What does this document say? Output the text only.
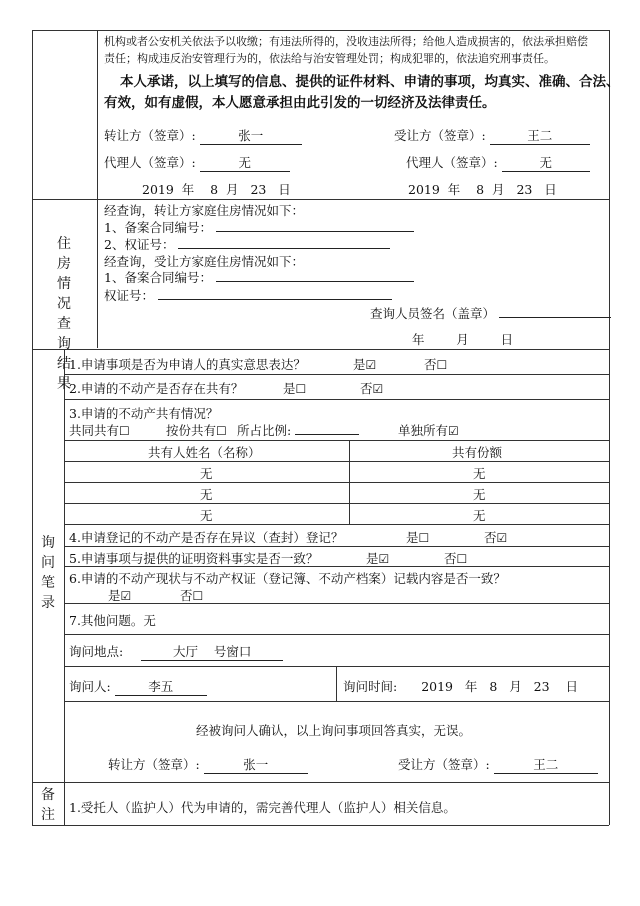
机构或者公安机关依法予以收缴；有违法所得的，没收违法所得；给他人造成损害的，依法承担赔偿
责任；构成违反治安管理行为的，依法给与治安管理处罚；构成犯罪的，依法追究刑事责任。
本人承诺，以上填写的信息、提供的证件材料、申请的事项，均真实、准确、合法、
有效，如有虚假，本人愿意承担由此引发的一切经济及法律责任。
转让方（签章）:	张一	受让方（签章）:	王二
代理人（签章）:	无	代理人（签章）:	无
2019  年    8  月   23   日	2019  年    8  月   23   日
住房
情况
查询
结果
经查询，转让方家庭住房情况如下：
1、备案合同编号：
2、权证号：
经查询，受让方家庭住房情况如下：
1、备案合同编号：
权证号：
查询人员签名（盖章）
年        月        日
询
问
笔
录
1.申请事项是否为申请人的真实意思表达？	是☑	否☐
2.申请的不动产是否存在共有？	是☐	否☑
3.申请的不动产共有情况？
共同共有☐	按份共有☐ 所占比例:	单独所有☑
共有人姓名（名称）	共有份额
无	无
无	无
无	无
4.申请登记的不动产是否存在异议（查封）登记？	是☐	否☑
5.申请事项与提供的证明资料事实是否一致？	是☑	否☐
6.申请的不动产现状与不动产权证（登记簿、不动产档案）记载内容是否一致？
是☑	否☐
7.其他问题。无
询问地点:	大厅    号窗口
询问人:	李五	询问时间: 2019   年   8   月   23    日
经被询问人确认，以上询问事项回答真实，无误。
转让方（签章）:	张一	受让方（签章）:	王二
备
注 1.受托人（监护人）代为申请的，需完善代理人（监护人）相关信息。
